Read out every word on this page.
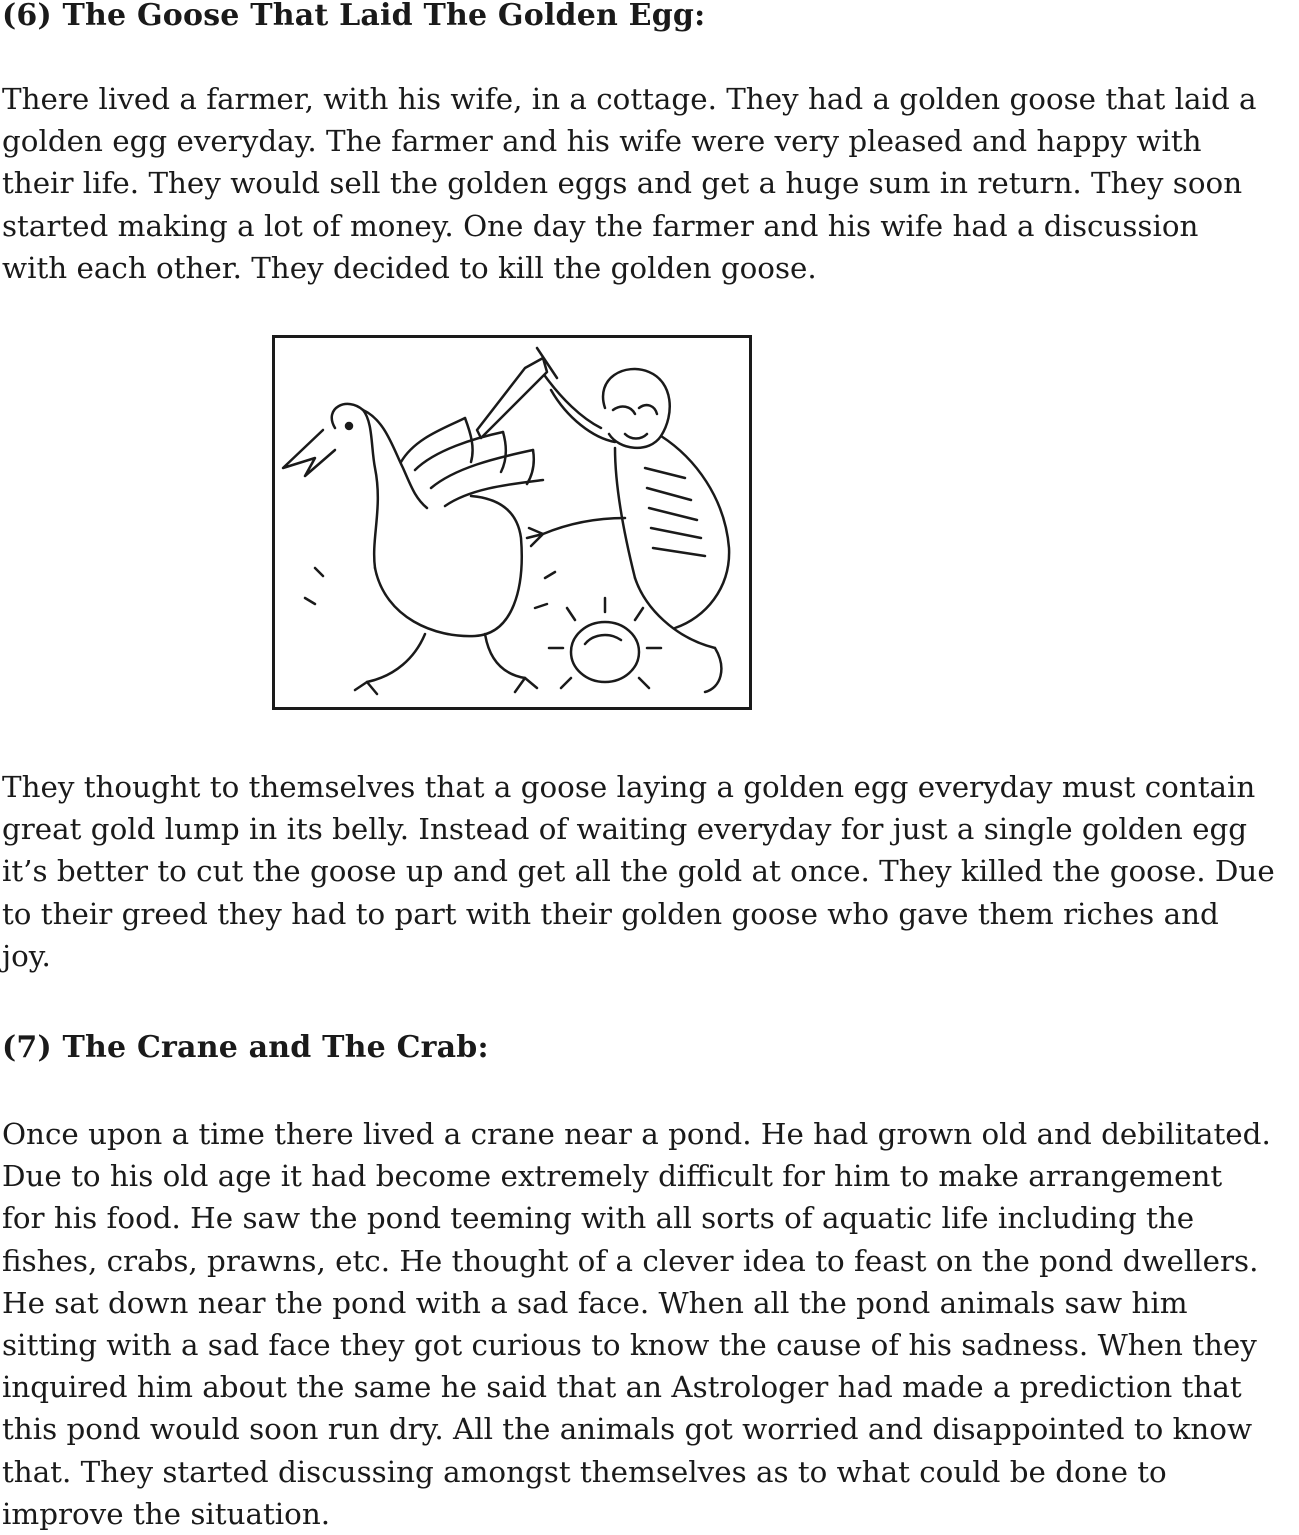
(6) The Goose That Laid The Golden Egg:
There lived a farmer, with his wife, in a cottage. They had a golden goose that laid a
golden egg everyday. The farmer and his wife were very pleased and happy with
their life. They would sell the golden eggs and get a huge sum in return. They soon
started making a lot of money. One day the farmer and his wife had a discussion
with each other. They decided to kill the golden goose.
They thought to themselves that a goose laying a golden egg everyday must contain
great gold lump in its belly. Instead of waiting everyday for just a single golden egg
it’s better to cut the goose up and get all the gold at once. They killed the goose. Due
to their greed they had to part with their golden goose who gave them riches and
joy.
(7) The Crane and The Crab:
Once upon a time there lived a crane near a pond. He had grown old and debilitated.
Due to his old age it had become extremely difficult for him to make arrangement
for his food. He saw the pond teeming with all sorts of aquatic life including the
fishes, crabs, prawns, etc. He thought of a clever idea to feast on the pond dwellers.
He sat down near the pond with a sad face. When all the pond animals saw him
sitting with a sad face they got curious to know the cause of his sadness. When they
inquired him about the same he said that an Astrologer had made a prediction that
this pond would soon run dry. All the animals got worried and disappointed to know
that. They started discussing amongst themselves as to what could be done to
improve the situation.
